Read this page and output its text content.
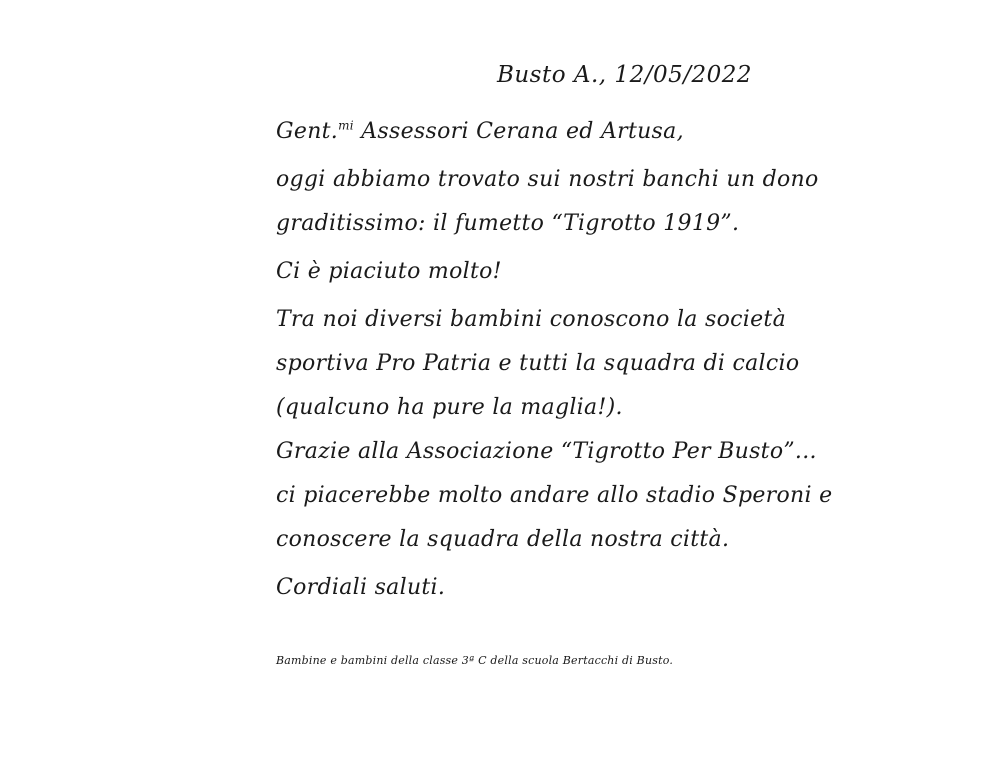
Busto A., 12/05/2022
Gent.$^{mi}$ Assessori Cerana ed Artusa,
oggi abbiamo trovato sui nostri banchi un dono
graditissimo: il fumetto “Tigrotto 1919”.
Ci è piaciuto molto!
Tra noi diversi bambini conoscono la società
sportiva Pro Patria e tutti la squadra di calcio
(qualcuno ha pure la maglia!).
Grazie alla Associazione “Tigrotto Per Busto”...
ci piacerebbe molto andare allo stadio Speroni e
conoscere la squadra della nostra città.
Cordiali saluti.
Bambine e bambini della classe 3ª C della scuola Bertacchi di Busto.
